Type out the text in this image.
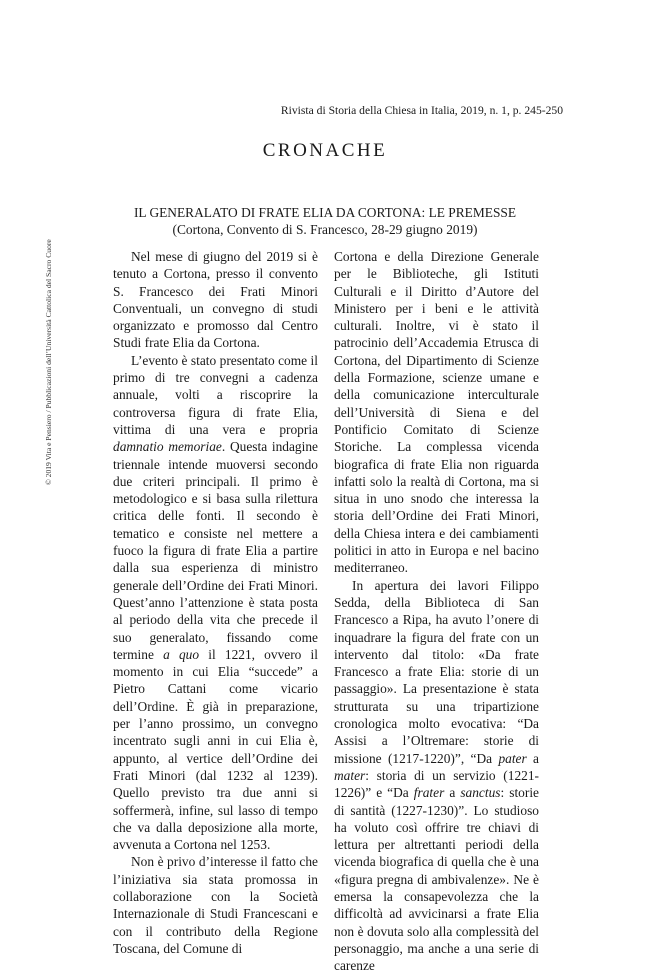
Rivista di Storia della Chiesa in Italia, 2019, n. 1, p. 245-250
CRONACHE
IL GENERALATO DI FRATE ELIA DA CORTONA: LE PREMESSE
(Cortona, Convento di S. Francesco, 28-29 giugno 2019)

Nel mese di giugno del 2019 si è tenuto a Cortona, presso il convento S. Francesco dei Frati Minori Conventuali, un convegno di studi organizzato e promosso dal Centro Studi frate Elia da Cortona.

L’evento è stato presentato come il primo di tre convegni a cadenza annuale, volti a riscoprire la controversa figura di frate Elia, vittima di una vera e propria damnatio memoriae. Questa indagine triennale intende muoversi secondo due criteri principali. Il primo è metodologico e si basa sulla rilettura critica delle fonti. Il secondo è tematico e consiste nel mettere a fuoco la figura di frate Elia a partire dalla sua esperienza di ministro generale dell’Ordine dei Frati Minori. Quest’anno l’attenzione è stata posta al periodo della vita che precede il suo generalato, fissando come termine a quo il 1221, ovvero il momento in cui Elia “succede” a Pietro Cattani come vicario dell’Ordine. È già in preparazione, per l’anno prossimo, un convegno incentrato sugli anni in cui Elia è, appunto, al vertice dell’Ordine dei Frati Minori (dal 1232 al 1239). Quello previsto tra due anni si soffermerà, infine, sul lasso di tempo che va dalla deposizione alla morte, avvenuta a Cortona nel 1253.

Non è privo d’interesse il fatto che l’iniziativa sia stata promossa in collaborazione con la Società Internazionale di Studi Francescani e con il contributo della Regione Toscana, del Comune di

Cortona e della Direzione Generale per le Biblioteche, gli Istituti Culturali e il Diritto d’Autore del Ministero per i beni e le attività culturali. Inoltre, vi è stato il patrocinio dell’Accademia Etrusca di Cortona, del Dipartimento di Scienze della Formazione, scienze umane e della comunicazione interculturale dell’Università di Siena e del Pontificio Comitato di Scienze Storiche. La complessa vicenda biografica di frate Elia non riguarda infatti solo la realtà di Cortona, ma si situa in uno snodo che interessa la storia dell’Ordine dei Frati Minori, della Chiesa intera e dei cambiamenti politici in atto in Europa e nel bacino mediterraneo.

In apertura dei lavori Filippo Sedda, della Biblioteca di San Francesco a Ripa, ha avuto l’onere di inquadrare la figura del frate con un intervento dal titolo: «Da frate Francesco a frate Elia: storie di un passaggio». La presentazione è stata strutturata su una tripartizione cronologica molto evocativa: “Da Assisi a l’Oltremare: storie di missione (1217-1220)”, “Da pater a mater: storia di un servizio (1221-1226)” e “Da frater a sanctus: storie di santità (1227-1230)”. Lo studioso ha voluto così offrire tre chiavi di lettura per altrettanti periodi della vicenda biografica di quella che è una «figura pregna di ambivalenze». Ne è emersa la consapevolezza che la difficoltà ad avvicinarsi a frate Elia non è dovuta solo alla complessità del personaggio, ma anche a una serie di carenze

© 2019 Vita e Pensiero / Pubblicazioni dell’Università Cattolica del Sacro Cuore
